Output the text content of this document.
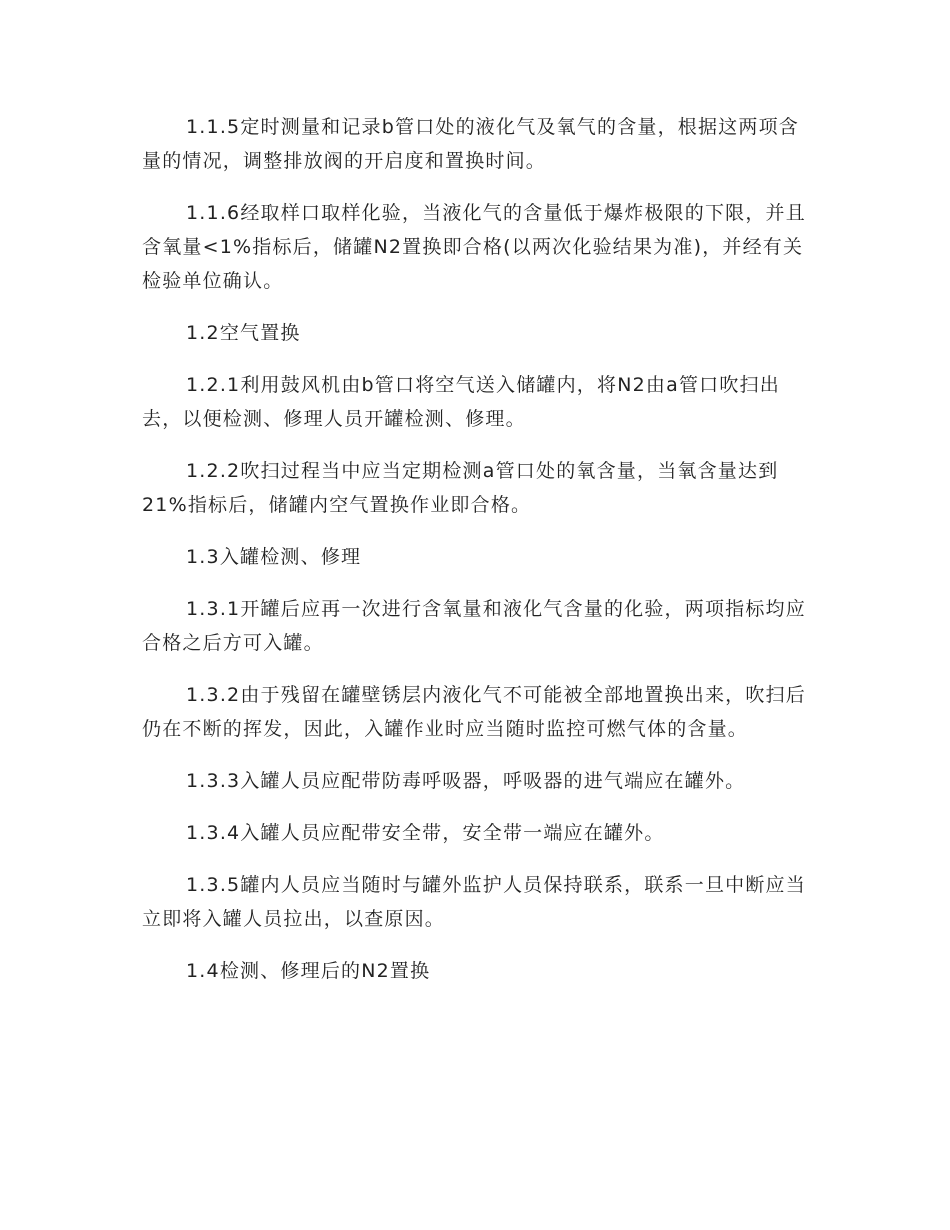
1.1.5定时测量和记录b管口处的液化气及氧气的含量，根据这两项含量的情况，调整排放阀的开启度和置换时间。

1.1.6经取样口取样化验，当液化气的含量低于爆炸极限的下限，并且含氧量<1%指标后，储罐N2置换即合格(以两次化验结果为准)，并经有关检验单位确认。

1.2空气置换

1.2.1利用鼓风机由b管口将空气送入储罐内，将N2由a管口吹扫出去，以便检测、修理人员开罐检测、修理。

1.2.2吹扫过程当中应当定期检测a管口处的氧含量，当氧含量达到21%指标后，储罐内空气置换作业即合格。

1.3入罐检测、修理

1.3.1开罐后应再一次进行含氧量和液化气含量的化验，两项指标均应合格之后方可入罐。

1.3.2由于残留在罐壁锈层内液化气不可能被全部地置换出来，吹扫后仍在不断的挥发，因此，入罐作业时应当随时监控可燃气体的含量。

1.3.3入罐人员应配带防毒呼吸器，呼吸器的进气端应在罐外。

1.3.4入罐人员应配带安全带，安全带一端应在罐外。

1.3.5罐内人员应当随时与罐外监护人员保持联系，联系一旦中断应当立即将入罐人员拉出，以查原因。

1.4检测、修理后的N2置换
